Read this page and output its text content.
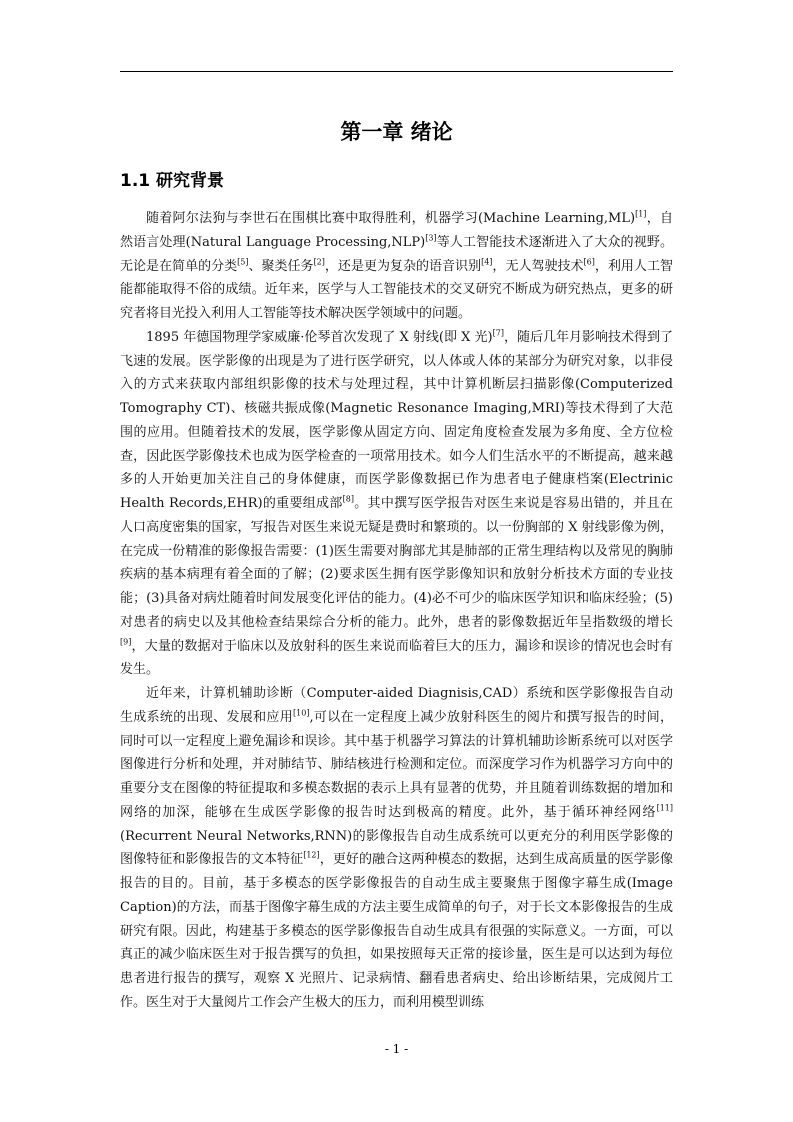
第一章 绪论
1.1 研究背景

随着阿尔法狗与李世石在围棋比赛中取得胜利，机器学习(Machine Learning,ML)[1]，自然语言处理(Natural Language Processing,NLP)[3]等人工智能技术逐渐进入了大众的视野。无论是在简单的分类[5]、聚类任务[2]，还是更为复杂的语音识别[4]，无人驾驶技术[6]，利用人工智能都能取得不俗的成绩。近年来，医学与人工智能技术的交叉研究不断成为研究热点，更多的研究者将目光投入利用人工智能等技术解决医学领域中的问题。

1895 年德国物理学家威廉·伦琴首次发现了 X 射线(即 X 光)[7]，随后几年月影响技术得到了飞速的发展。医学影像的出现是为了进行医学研究，以人体或人体的某部分为研究对象，以非侵入的方式来获取内部组织影像的技术与处理过程，其中计算机断层扫描影像(Computerized Tomography CT)、核磁共振成像(Magnetic Resonance Imaging,MRI)等技术得到了大范围的应用。但随着技术的发展，医学影像从固定方向、固定角度检查发展为多角度、全方位检查，因此医学影像技术也成为医学检查的一项常用技术。如今人们生活水平的不断提高，越来越多的人开始更加关注自己的身体健康，而医学影像数据已作为患者电子健康档案(Electrinic Health Records,EHR)的重要组成部[8]。其中撰写医学报告对医生来说是容易出错的，并且在人口高度密集的国家，写报告对医生来说无疑是费时和繁琐的。以一份胸部的 X 射线影像为例，在完成一份精准的影像报告需要：(1)医生需要对胸部尤其是肺部的正常生理结构以及常见的胸肺疾病的基本病理有着全面的了解；(2)要求医生拥有医学影像知识和放射分析技术方面的专业技能；(3)具备对病灶随着时间发展变化评估的能力。(4)必不可少的临床医学知识和临床经验；(5)对患者的病史以及其他检查结果综合分析的能力。此外，患者的影像数据近年呈指数级的增长[9]，大量的数据对于临床以及放射科的医生来说而临着巨大的压力，漏诊和误诊的情况也会时有发生。

近年来，计算机辅助诊断（Computer-aided Diagnisis,CAD）系统和医学影像报告自动生成系统的出现、发展和应用[10],可以在一定程度上减少放射科医生的阅片和撰写报告的时间，同时可以一定程度上避免漏诊和误诊。其中基于机器学习算法的计算机辅助诊断系统可以对医学图像进行分析和处理，并对肺结节、肺结核进行检测和定位。而深度学习作为机器学习方向中的重要分支在图像的特征提取和多模态数据的表示上具有显著的优势，并且随着训练数据的增加和网络的加深，能够在生成医学影像的报告时达到极高的精度。此外，基于循环神经网络[11](Recurrent Neural Networks,RNN)的影像报告自动生成系统可以更充分的利用医学影像的图像特征和影像报告的文本特征[12]，更好的融合这两种模态的数据，达到生成高质量的医学影像报告的目的。目前，基于多模态的医学影像报告的自动生成主要聚焦于图像字幕生成(Image Caption)的方法，而基于图像字幕生成的方法主要生成简单的句子，对于长文本影像报告的生成研究有限。因此，构建基于多模态的医学影像报告自动生成具有很强的实际意义。一方面，可以真正的减少临床医生对于报告撰写的负担，如果按照每天正常的接诊量，医生是可以达到为每位患者进行报告的撰写，观察 X 光照片、记录病情、翻看患者病史、给出诊断结果，完成阅片工作。医生对于大量阅片工作会产生极大的压力，而利用模型训练

- 1 -
